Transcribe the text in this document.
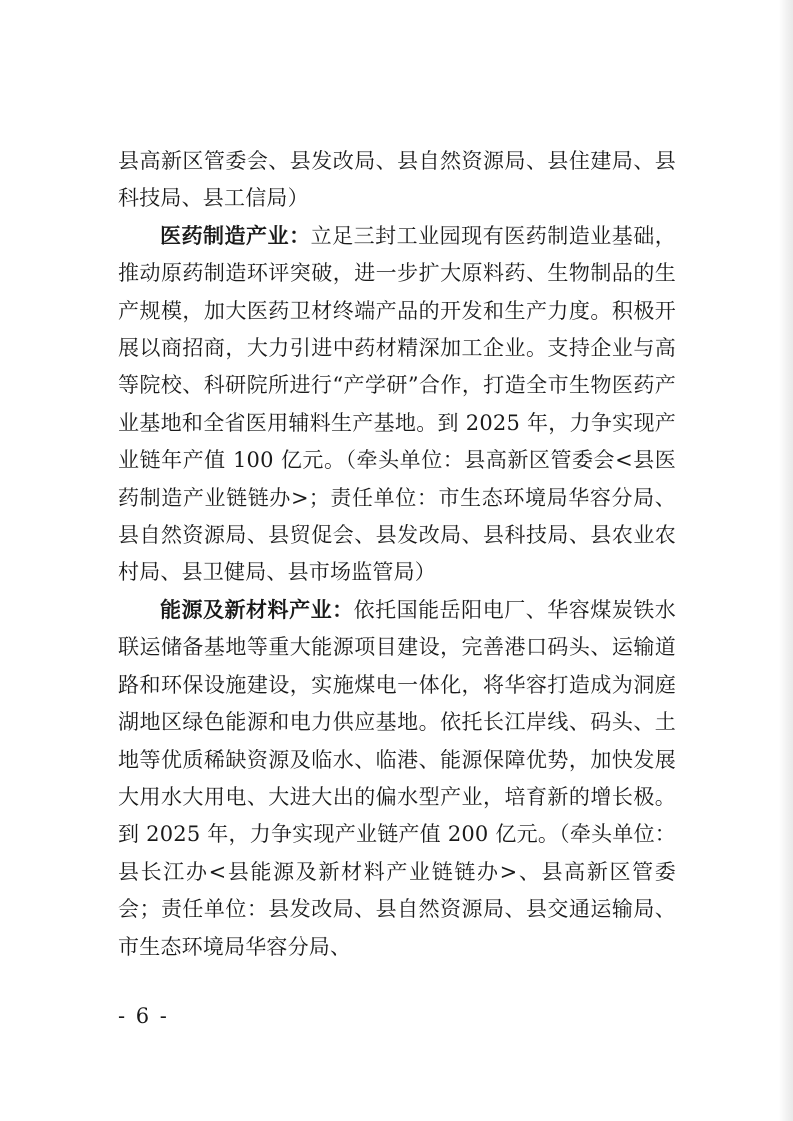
县高新区管委会、县发改局、县自然资源局、县住建局、县科技局、县工信局）

医药制造产业：立足三封工业园现有医药制造业基础，推动原药制造环评突破，进一步扩大原料药、生物制品的生产规模，加大医药卫材终端产品的开发和生产力度。积极开展以商招商，大力引进中药材精深加工企业。支持企业与高等院校、科研院所进行“产学研”合作，打造全市生物医药产业基地和全省医用辅料生产基地。到 2025 年，力争实现产业链年产值 100 亿元。（牵头单位：县高新区管委会<县医药制造产业链链办>；责任单位：市生态环境局华容分局、县自然资源局、县贸促会、县发改局、县科技局、县农业农村局、县卫健局、县市场监管局）

能源及新材料产业：依托国能岳阳电厂、华容煤炭铁水联运储备基地等重大能源项目建设，完善港口码头、运输道路和环保设施建设，实施煤电一体化，将华容打造成为洞庭湖地区绿色能源和电力供应基地。依托长江岸线、码头、土地等优质稀缺资源及临水、临港、能源保障优势，加快发展大用水大用电、大进大出的偏水型产业，培育新的增长极。到 2025 年，力争实现产业链产值 200 亿元。（牵头单位：县长江办<县能源及新材料产业链链办>、县高新区管委会；责任单位：县发改局、县自然资源局、县交通运输局、市生态环境局华容分局、

- 6 -
